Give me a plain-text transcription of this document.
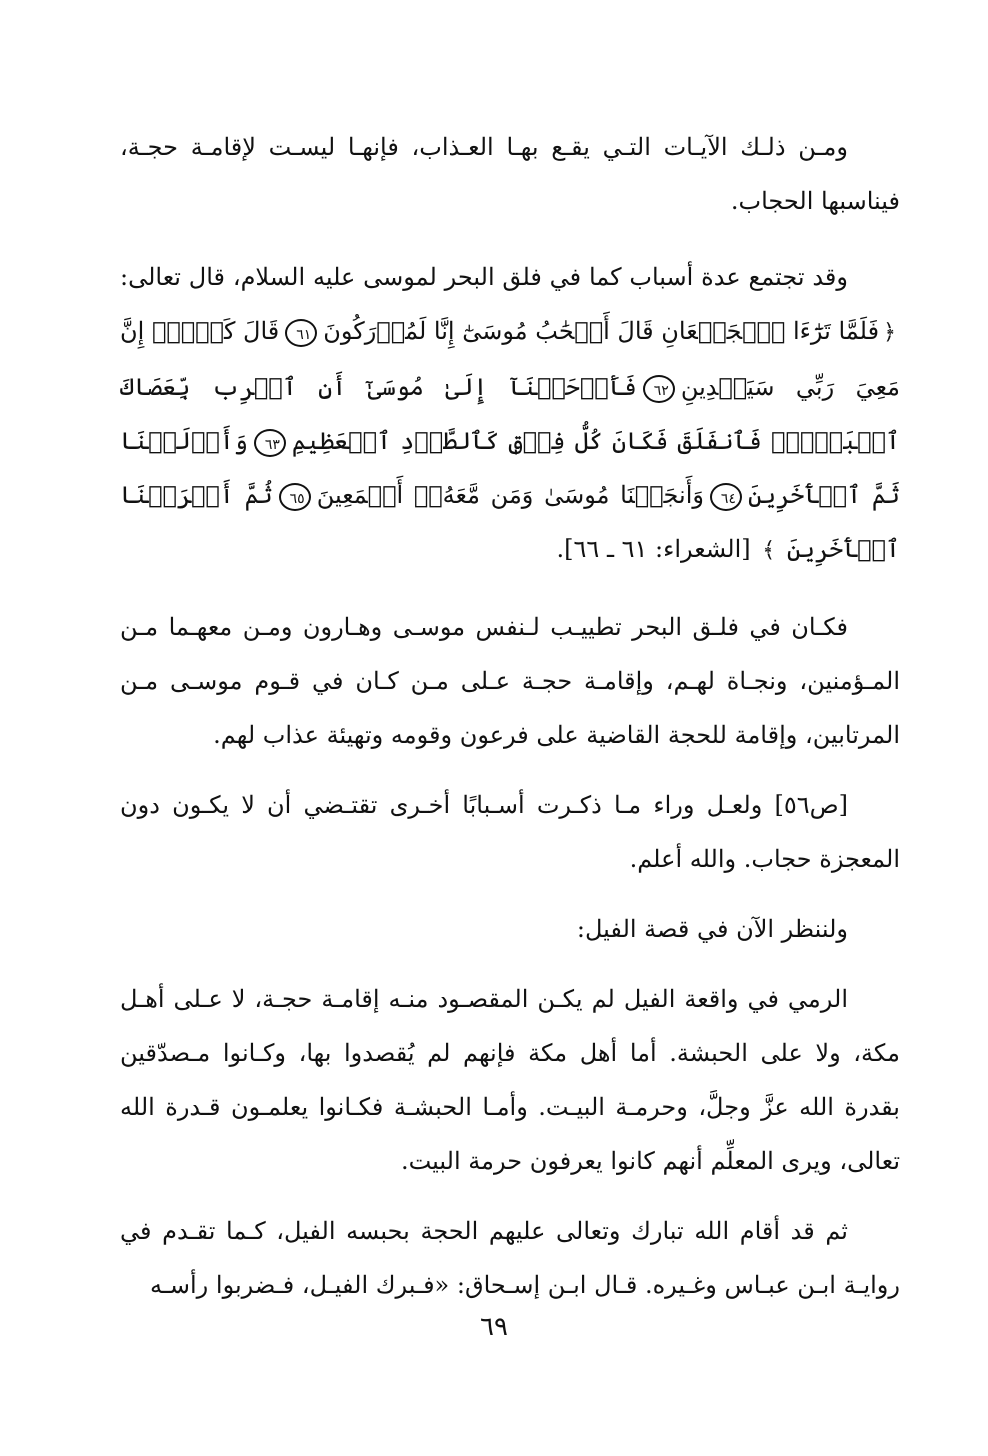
ومـن ذلـك الآيـات التـي يقـع بهـا العـذاب، فإنهـا ليسـت لإقامـة حجـة، فيناسبها الحجاب.

وقد تجتمع عدة أسباب كما في فلق البحر لموسى عليه السلام، قال تعالى: ﴿فَلَمَّا تَرَٰٓءَا ٱلۡجَمۡعَانِ قَالَ أَصۡحَٰبُ مُوسَىٰٓ إِنَّا لَمُدۡرَكُونَ٦١قَالَ كَلَّآۖ إِنَّ مَعِيَ رَبِّي سَيَهۡدِينِ٦٢فَأَوۡحَيۡنَآ إِلَىٰ مُوسَىٰٓ أَنِ ٱضۡرِب بِّعَصَاكَ ٱلۡبَحۡرَۖ فَٱنفَلَقَ فَكَانَ كُلُّ فِرۡقٖ كَٱلطَّوۡدِ ٱلۡعَظِيمِ٦٣وَأَزۡلَفۡنَا ثَمَّ ٱلۡأٓخَرِينَ٦٤وَأَنجَيۡنَا مُوسَىٰ وَمَن مَّعَهُۥٓ أَجۡمَعِينَ٦٥ثُمَّ أَغۡرَقۡنَا ٱلۡأٓخَرِينَ ﴾ [الشعراء: ٦١ ـ ٦٦].

فكـان في فلـق البحر تطييـب لـنفس موسـى وهـارون ومـن معهـما مـن المـؤمنين، ونجـاة لهـم، وإقامـة حجـة عـلى مـن كـان في قـوم موسـى مـن المرتابين، وإقامة للحجة القاضية على فرعون وقومه وتهيئة عذاب لهم.

[ص٥٦] ولعـل وراء مـا ذكـرت أسـبابًا أخـرى تقتـضي أن لا يكـون دون المعجزة حجاب. والله أعلم.

ولننظر الآن في قصة الفيل:

الرمي في واقعة الفيل لم يكـن المقصـود منـه إقامـة حجـة، لا عـلى أهـل مكة، ولا على الحبشة. أما أهل مكة فإنهم لم يُقصدوا بها، وكـانوا مـصدّقين بقدرة الله عزَّ وجلَّ، وحرمـة البيـت. وأمـا الحبشـة فكـانوا يعلمـون قـدرة الله تعالى، ويرى المعلِّم أنهم كانوا يعرفون حرمة البيت.

ثم قد أقام الله تبارك وتعالى عليهم الحجة بحبسه الفيل، كـما تقـدم في روايـة ابـن عبـاس وغـيره. قـال ابـن إسـحاق: «فـبرك الفيـل، فـضربوا رأسـه

٦٩
